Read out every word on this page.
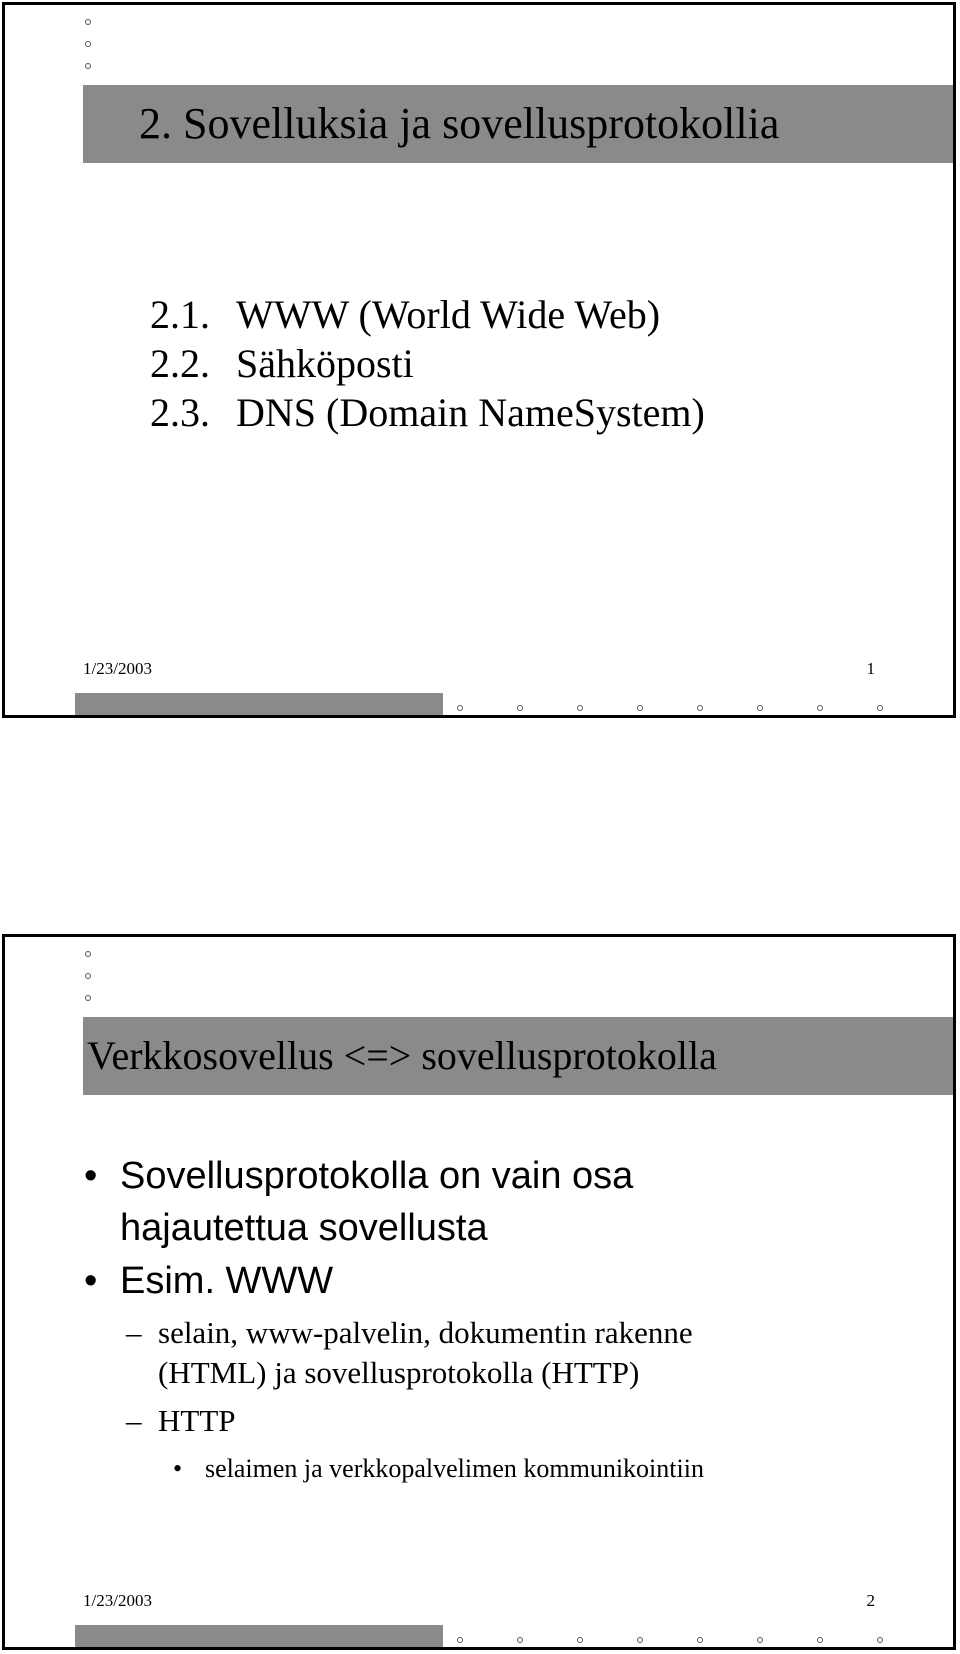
2. Sovelluksia ja sovellusprotokollia
2.1. WWW (World Wide Web)
2.2. Sähköposti
2.3. DNS (Domain NameSystem)
1/23/2003	1
Verkkosovellus <=> sovellusprotokolla
• Sovellusprotokolla on vain osa
hajautettua sovellusta
• Esim. WWW
– selain, www-palvelin, dokumentin rakenne
(HTML) ja sovellusprotokolla (HTTP)
– HTTP
• selaimen ja verkkopalvelimen kommunikointiin
1/23/2003	2
